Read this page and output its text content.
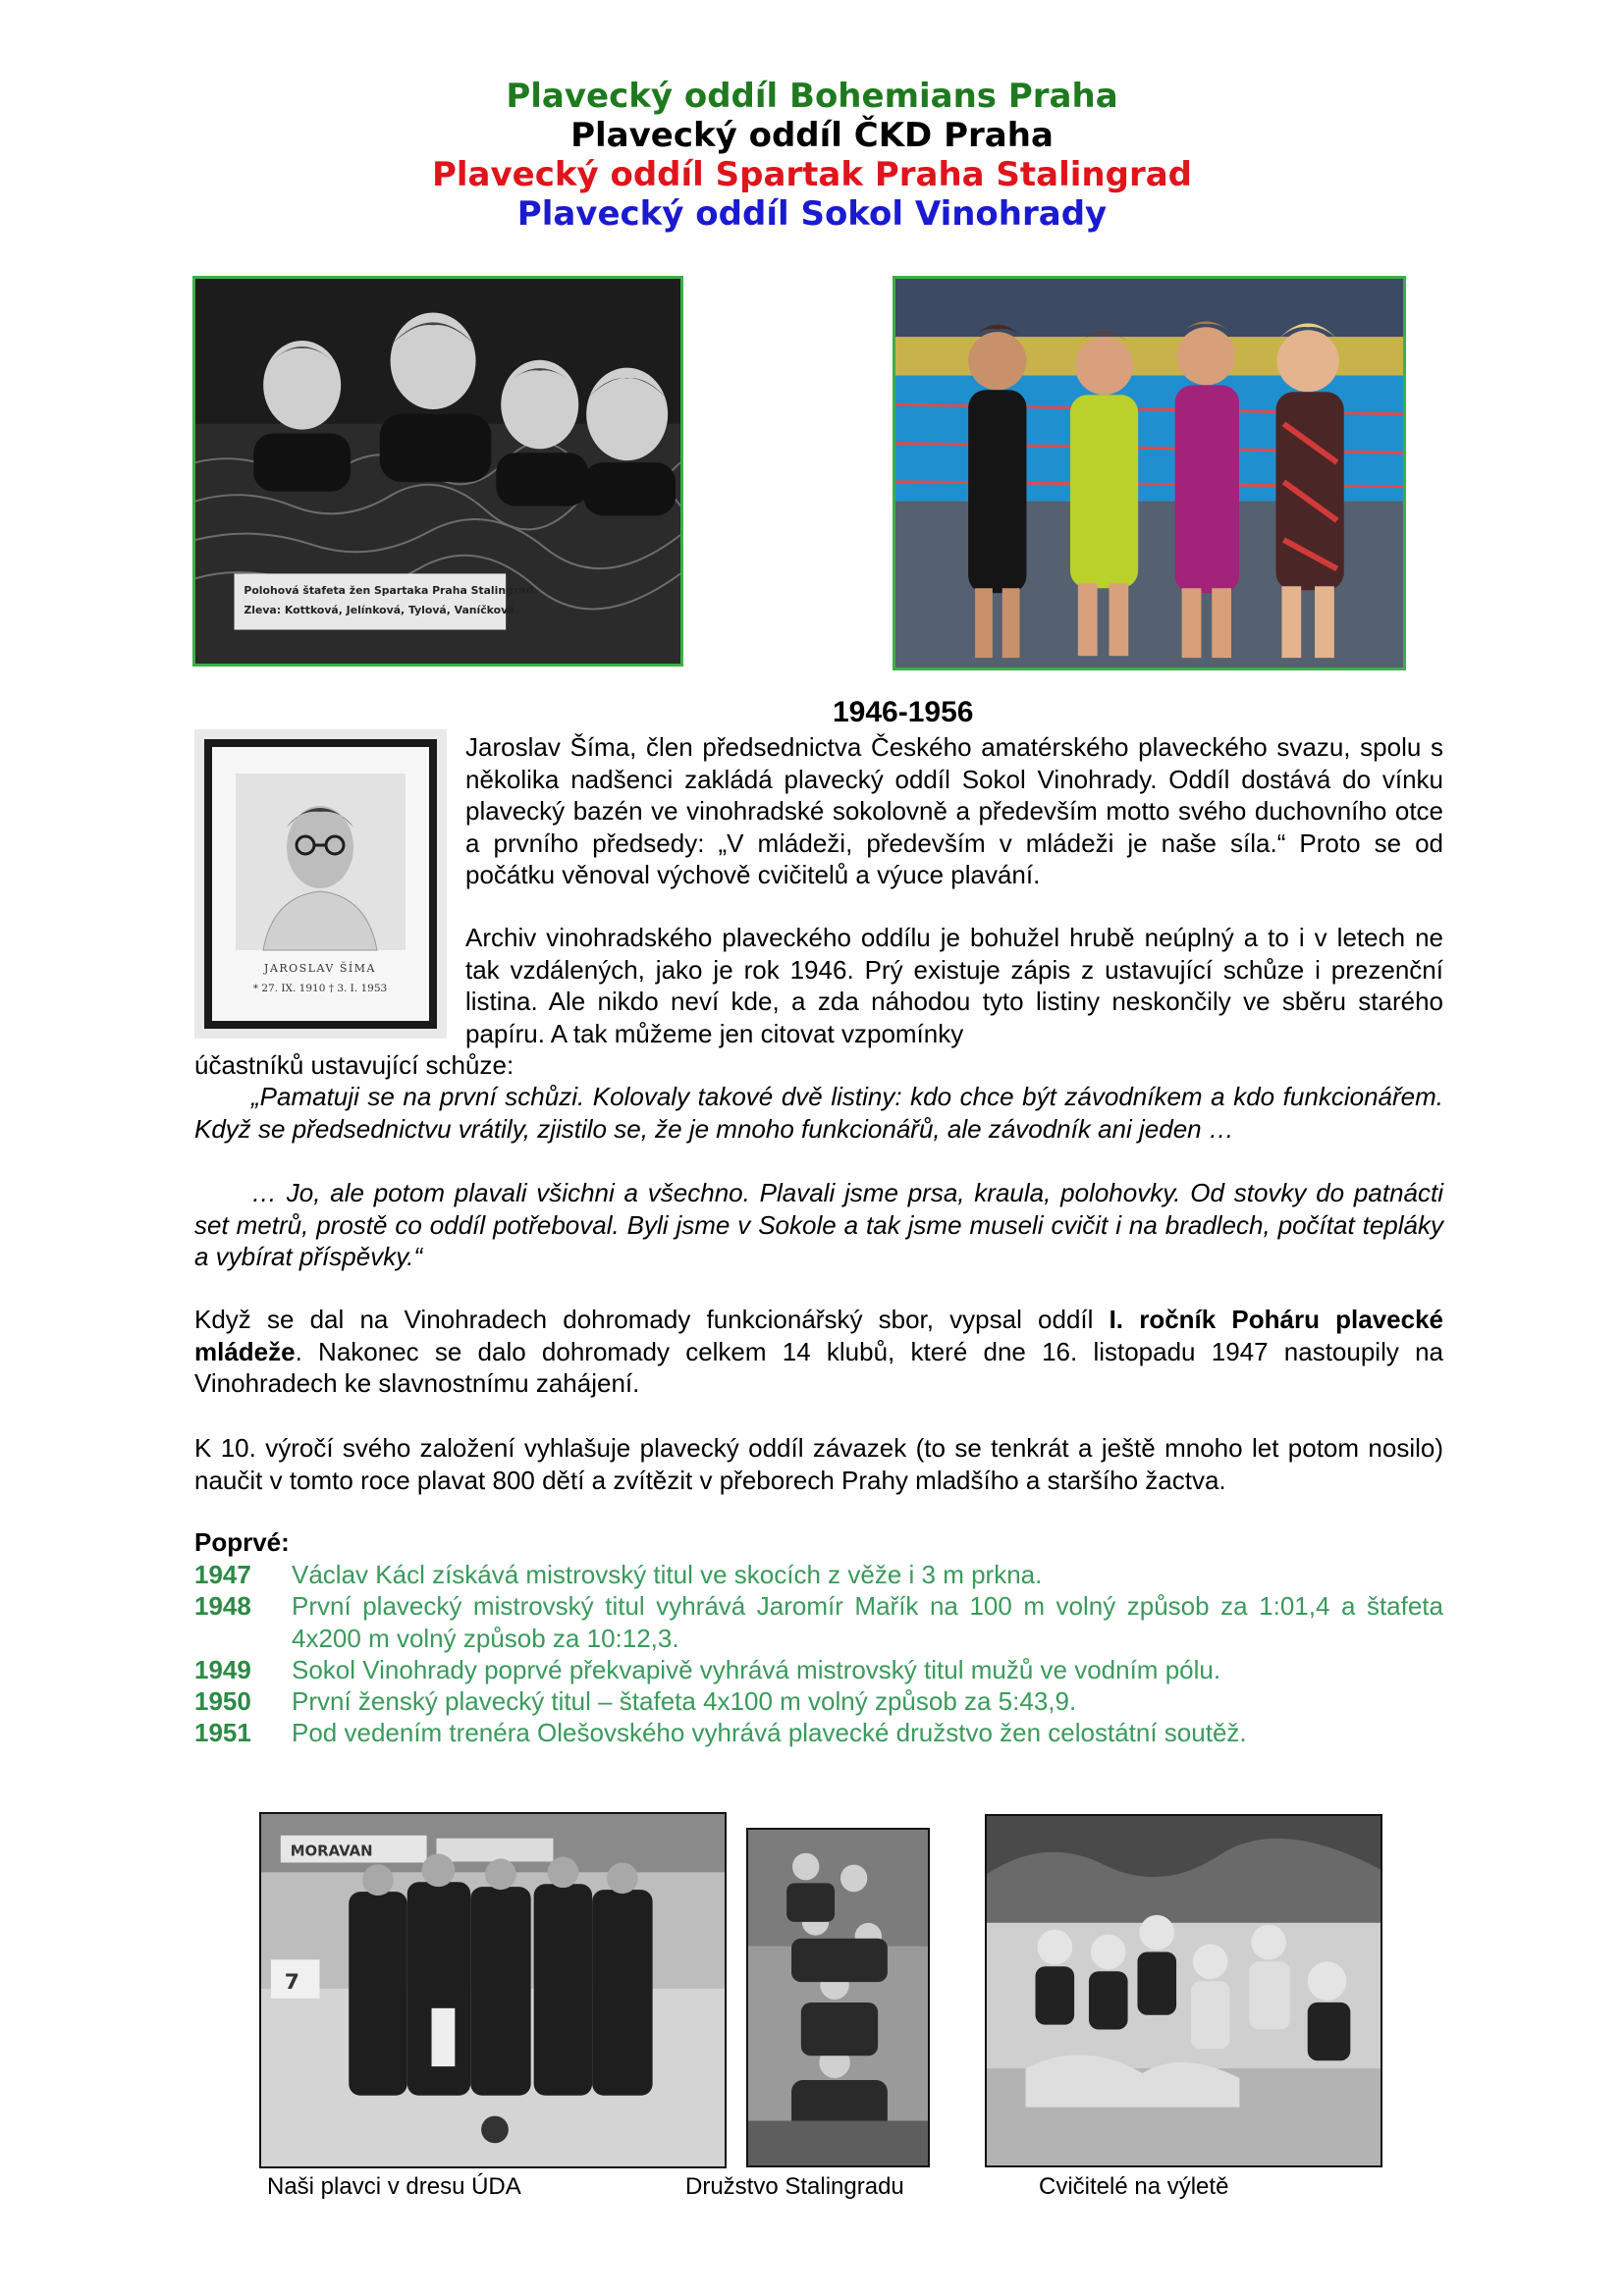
Plavecký oddíl Bohemians Praha
Plavecký oddíl ČKD Praha
Plavecký oddíl Spartak Praha Stalingrad
Plavecký oddíl Sokol Vinohrady
Polohová štafeta žen Spartaka Praha Stalingrad.
Zleva: Kottková, Jelínková, Tylová, Vaníčková.
1946-1956
JAROSLAV ŠÍMA
* 27. IX. 1910 † 3. I. 1953

Jaroslav Šíma, člen předsednictva Českého amatérského plaveckého svazu, spolu s několika nadšenci zakládá plavecký oddíl Sokol Vinohrady. Oddíl dostává do vínku plavecký bazén ve vinohradské sokolovně a především motto svého duchovního otce a prvního předsedy: „V mládeži, především v mládeži je naše síla.“ Proto se od počátku věnoval výchově cvičitelů a výuce plavání.

Archiv vinohradského plaveckého oddílu je bohužel hrubě neúplný a to i v letech ne tak vzdálených, jako je rok 1946. Prý existuje zápis z ustavující schůze i prezenční listina. Ale nikdo neví kde, a zda náhodou tyto listiny neskončily ve sběru starého papíru. A tak můžeme jen citovat vzpomínky

účastníků ustavující schůze:

„Pamatuji se na první schůzi. Kolovaly takové dvě listiny: kdo chce být závodníkem a kdo funkcionářem. Když se předsednictvu vrátily, zjistilo se, že je mnoho funkcionářů, ale závodník ani jeden …

… Jo, ale potom plavali všichni a všechno. Plavali jsme prsa, kraula, polohovky. Od stovky do patnácti set metrů, prostě co oddíl potřeboval. Byli jsme v Sokole a tak jsme museli cvičit i na bradlech, počítat tepláky a vybírat příspěvky.“

Když se dal na Vinohradech dohromady funkcionářský sbor, vypsal oddíl I. ročník Poháru plavecké mládeže. Nakonec se dalo dohromady celkem 14 klubů, které dne 16. listopadu 1947 nastoupily na Vinohradech ke slavnostnímu zahájení.

K 10. výročí svého založení vyhlašuje plavecký oddíl závazek (to se tenkrát a ještě mnoho let potom nosilo) naučit v tomto roce plavat 800 dětí a zvítězit v přeborech Prahy mladšího a staršího žactva.

Poprvé:
1947 Václav Kácl získává mistrovský titul ve skocích z věže i 3 m prkna.
1948 První plavecký mistrovský titul vyhrává Jaromír Mařík na 100 m volný způsob za 1:01,4 a štafeta 4x200 m volný způsob za 10:12,3.
1949 Sokol Vinohrady poprvé překvapivě vyhrává mistrovský titul mužů ve vodním pólu.
1950 První ženský plavecký titul – štafeta 4x100 m volný způsob za 5:43,9.
1951 Pod vedením trenéra Olešovského vyhrává plavecké družstvo žen celostátní soutěž.
MORAVAN
7
Naši plavci v dresu ÚDA	Družstvo Stalingradu	Cvičitelé na výletě
